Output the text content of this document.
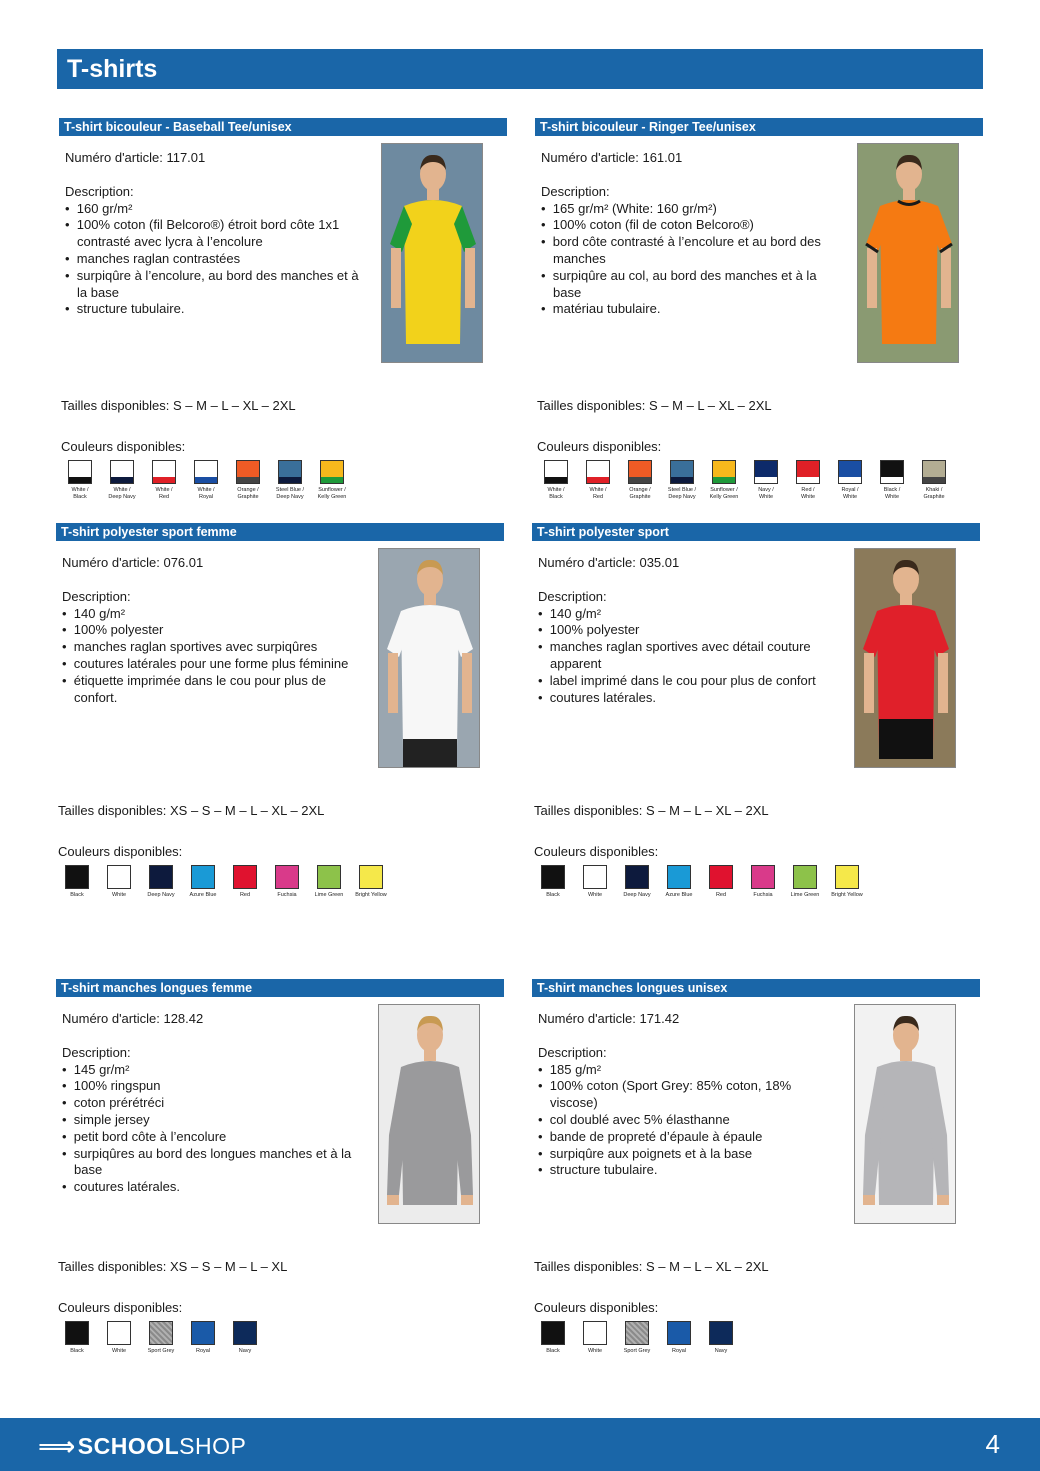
T-shirts
T-shirt bicouleur - Baseball Tee/unisex
Numéro d'article: 117.01
Description:
•  160 gr/m²
•  100% coton (fil Belcoro®) étroit bord côte 1x1 contrasté avec lycra à l’encolure
•  manches raglan contrastées
•  surpiqûre à l’encolure, au bord des manches et à la base
•  structure tubulaire.
Tailles disponibles: S – M – L – XL – 2XL
Couleurs disponibles:
White /
Black
White /
Deep Navy
White /
Red
White /
Royal
Orange /
Graphite
Steel Blue /
Deep Navy
Sunflower /
Kelly Green
T-shirt bicouleur - Ringer Tee/unisex
Numéro d'article: 161.01
Description:
•  165 gr/m² (White: 160 gr/m²)
•  100% coton (fil de coton Belcoro®)
•  bord côte contrasté à l’encolure et au bord des manches
•  surpiqûre au col, au bord des manches et à la base
•  matériau tubulaire.
Tailles disponibles: S – M – L – XL – 2XL
Couleurs disponibles:
White /
Black
White /
Red
Orange /
Graphite
Steel Blue /
Deep Navy
Sunflower /
Kelly Green
Navy /
White
Red /
White
Royal /
White
Black /
White
Khaki /
Graphite
T-shirt polyester sport femme
Numéro d'article: 076.01
Description:
•  140 g/m²
•  100% polyester
•  manches raglan sportives avec surpiqûres
•  coutures latérales pour une forme plus féminine
•  étiquette imprimée dans le cou pour plus de confort.
Tailles disponibles: XS – S – M – L – XL – 2XL
Couleurs disponibles:
Black	White	Deep Navy	Azure Blue	Red	Fuchsia	Lime Green Bright Yellow
T-shirt polyester sport
Numéro d'article: 035.01
Description:
•  140 g/m²
•  100% polyester
•  manches raglan sportives avec détail couture apparent
•  label imprimé dans le cou pour plus de confort
•  coutures latérales.
Tailles disponibles: S – M – L – XL – 2XL
Couleurs disponibles:
Black	White	Deep Navy	Azure Blue	Red	Fuchsia	Lime Green Bright Yellow
T-shirt manches longues femme
Numéro d'article: 128.42
Description:
•  145 gr/m²
•  100% ringspun
•  coton prérétréci
•  simple jersey
•  petit bord côte à l’encolure
•  surpiqûres au bord des longues manches et à la base
•  coutures latérales.
Tailles disponibles: XS – S – M – L – XL
Couleurs disponibles:
Black	White	Sport Grey	Royal	Navy
T-shirt manches longues unisex
Numéro d'article: 171.42
Description:
•  185 g/m²
•  100% coton (Sport Grey: 85% coton, 18% viscose)
•  col doublé avec 5% élasthanne
•  bande de propreté d’épaule à épaule
•  surpiqûre aux poignets et à la base
•  structure tubulaire.
Tailles disponibles: S – M – L – XL – 2XL
Couleurs disponibles:
Black	White	Sport Grey	Royal	Navy
⟹ SCHOOL SHOP	4
